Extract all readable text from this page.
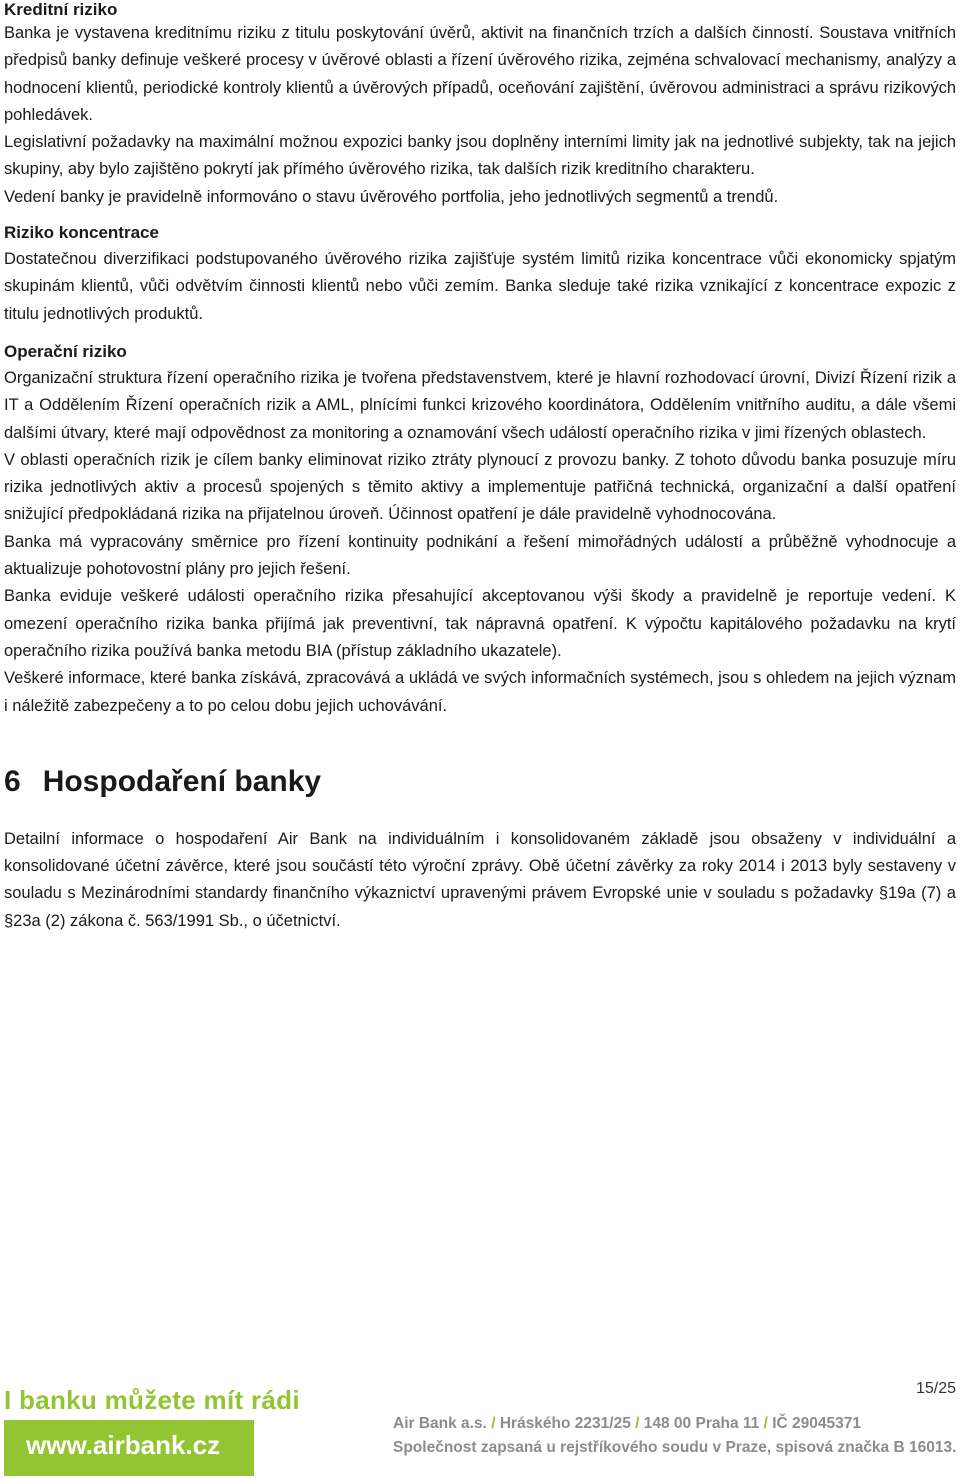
Kreditní riziko

Banka je vystavena kreditnímu riziku z titulu poskytování úvěrů, aktivit na finančních trzích a dalších činností. Soustava vnitřních předpisů banky definuje veškeré procesy v úvěrové oblasti a řízení úvěrového rizika, zejména schvalovací mechanismy, analýzy a hodnocení klientů, periodické kontroly klientů a úvěrových případů, oceňování zajištění, úvěrovou administraci a správu rizikových pohledávek.

Legislativní požadavky na maximální možnou expozici banky jsou doplněny interními limity jak na jednotlivé subjekty, tak na jejich skupiny, aby bylo zajištěno pokrytí jak přímého úvěrového rizika, tak dalších rizik kreditního charakteru.

Vedení banky je pravidelně informováno o stavu úvěrového portfolia, jeho jednotlivých segmentů a trendů.

Riziko koncentrace

Dostatečnou diverzifikaci podstupovaného úvěrového rizika zajišťuje systém limitů rizika koncentrace vůči ekonomicky spjatým skupinám klientů, vůči odvětvím činnosti klientů nebo vůči zemím. Banka sleduje také rizika vznikající z koncentrace expozic z titulu jednotlivých produktů.

Operační riziko

Organizační struktura řízení operačního rizika je tvořena představenstvem, které je hlavní rozhodovací úrovní, Divizí Řízení rizik a IT a Oddělením Řízení operačních rizik a AML, plnícími funkci krizového koordinátora, Oddělením vnitřního auditu, a dále všemi dalšími útvary, které mají odpovědnost za monitoring a oznamování všech událostí operačního rizika v jimi řízených oblastech.

V oblasti operačních rizik je cílem banky eliminovat riziko ztráty plynoucí z provozu banky. Z tohoto důvodu banka posuzuje míru rizika jednotlivých aktiv a procesů spojených s těmito aktivy a implementuje patřičná technická, organizační a další opatření snižující předpokládaná rizika na přijatelnou úroveň. Účinnost opatření je dále pravidelně vyhodnocována.

Banka má vypracovány směrnice pro řízení kontinuity podnikání a řešení mimořádných událostí a průběžně vyhodnocuje a aktualizuje pohotovostní plány pro jejich řešení.

Banka eviduje veškeré události operačního rizika přesahující akceptovanou výši škody a pravidelně je reportuje vedení. K omezení operačního rizika banka přijímá jak preventivní, tak nápravná opatření. K výpočtu kapitálového požadavku na krytí operačního rizika používá banka metodu BIA (přístup základního ukazatele).

Veškeré informace, které banka získává, zpracovává a ukládá ve svých informačních systémech, jsou s ohledem na jejich význam i náležitě zabezpečeny a to po celou dobu jejich uchovávání.

6 Hospodaření banky

Detailní informace o hospodaření Air Bank na individuálním i konsolidovaném základě jsou obsaženy v individuální a konsolidované účetní závěrce, které jsou součástí této výroční zprávy. Obě účetní závěrky za roky 2014 i 2013 byly sestaveny v souladu s Mezinárodními standardy finančního výkaznictví upravenými právem Evropské unie v souladu s požadavky §19a (7) a §23a (2) zákona č. 563/1991 Sb., o účetnictví.

I banku můžete mít rádi
www.airbank.cz
15/25
Air Bank a.s. / Hráského 2231/25 / 148 00 Praha 11 / IČ 29045371
Společnost zapsaná u rejstříkového soudu v Praze, spisová značka B 16013.
